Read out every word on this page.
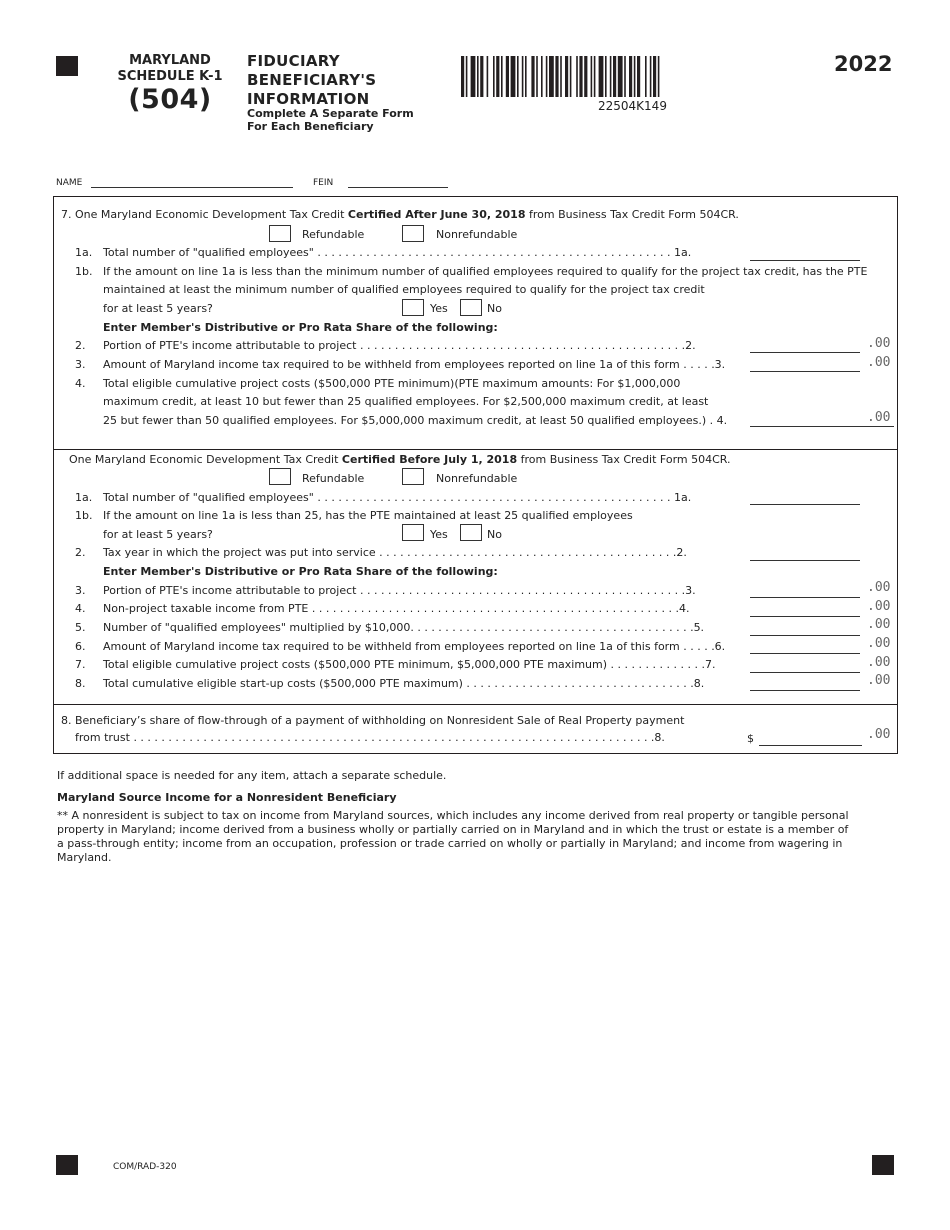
MARYLAND
SCHEDULE K-1
(504)
FIDUCIARY
BENEFICIARY'S
INFORMATION
Complete A Separate Form
For Each Beneficiary
22504K149
2022
NAME	FEIN
7. One Maryland Economic Development Tax Credit Certified After June 30, 2018 from Business Tax Credit Form 504CR.
Refundable	Nonrefundable
1a. Total number of "qualified employees" . . . . . . . . . . . . . . . . . . . . . . . . . . . . . . . . . . . . . . . . . . . . . . . . . . . 1a.
1b. If the amount on line 1a is less than the minimum number of qualified employees required to qualify for the project tax credit, has the PTE
maintained at least the minimum number of qualified employees required to qualify for the project tax credit
for at least 5 years?	Yes	No
Enter Member's Distributive or Pro Rata Share of the following:
2. Portion of PTE's income attributable to project . . . . . . . . . . . . . . . . . . . . . . . . . . . . . . . . . . . . . . . . . . . . . . .2.	.00
3. Amount of Maryland income tax required to be withheld from employees reported on line 1a of this form . . . . .3.	.00
4. Total eligible cumulative project costs ($500,000 PTE minimum)(PTE maximum amounts: For $1,000,000
maximum credit, at least 10 but fewer than 25 qualified employees. For $2,500,000 maximum credit, at least
25 but fewer than 50 qualified employees. For $5,000,000 maximum credit, at least 50 qualified employees.) . 4.	.00
One Maryland Economic Development Tax Credit Certified Before July 1, 2018 from Business Tax Credit Form 504CR.
Refundable	Nonrefundable
1a. Total number of "qualified employees" . . . . . . . . . . . . . . . . . . . . . . . . . . . . . . . . . . . . . . . . . . . . . . . . . . . 1a.
1b. If the amount on line 1a is less than 25, has the PTE maintained at least 25 qualified employees
for at least 5 years?	Yes	No
2. Tax year in which the project was put into service . . . . . . . . . . . . . . . . . . . . . . . . . . . . . . . . . . . . . . . . . . .2.
Enter Member's Distributive or Pro Rata Share of the following:
3. Portion of PTE's income attributable to project . . . . . . . . . . . . . . . . . . . . . . . . . . . . . . . . . . . . . . . . . . . . . . .3.	.00
4. Non-project taxable income from PTE . . . . . . . . . . . . . . . . . . . . . . . . . . . . . . . . . . . . . . . . . . . . . . . . . . . . .4.	.00
5. Number of "qualified employees" multiplied by $10,000. . . . . . . . . . . . . . . . . . . . . . . . . . . . . . . . . . . . . . . . .5.	.00
6. Amount of Maryland income tax required to be withheld from employees reported on line 1a of this form . . . . .6.	.00
7. Total eligible cumulative project costs ($500,000 PTE minimum, $5,000,000 PTE maximum) . . . . . . . . . . . . . .7.	.00
8. Total cumulative eligible start-up costs ($500,000 PTE maximum) . . . . . . . . . . . . . . . . . . . . . . . . . . . . . . . . .8.	.00
8. Beneficiary’s share of flow-through of a payment of withholding on Nonresident Sale of Real Property payment
from trust . . . . . . . . . . . . . . . . . . . . . . . . . . . . . . . . . . . . . . . . . . . . . . . . . . . . . . . . . . . . . . . . . . . . . . . . . . .8.	$	.00
If additional space is needed for any item, attach a separate schedule.
Maryland Source Income for a Nonresident Beneficiary
** A nonresident is subject to tax on income from Maryland sources, which includes any income derived from real property or tangible personal
property in Maryland; income derived from a business wholly or partially carried on in Maryland and in which the trust or estate is a member of
a pass-through entity; income from an occupation, profession or trade carried on wholly or partially in Maryland; and income from wagering in
Maryland.
COM/RAD-320
